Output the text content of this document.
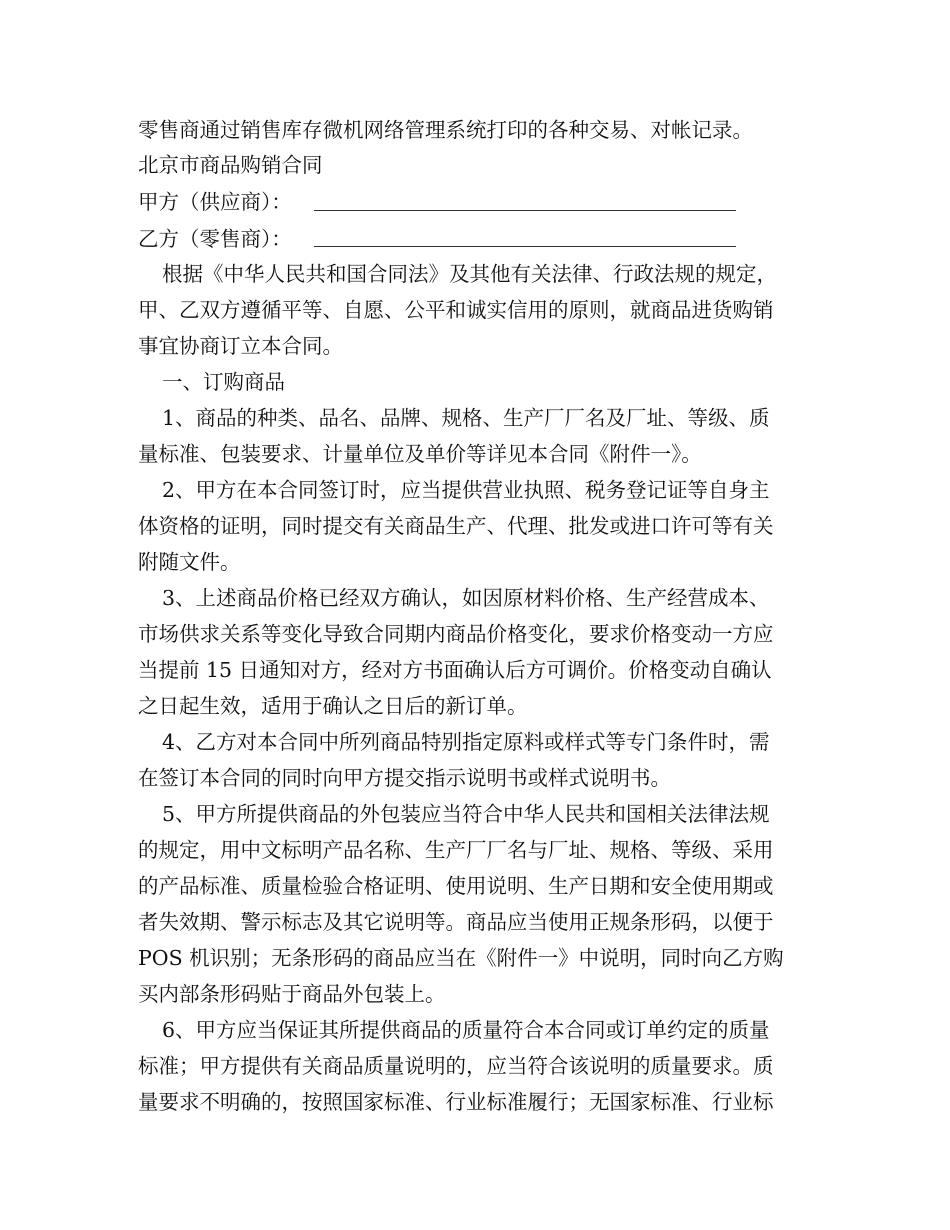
零售商通过销售库存微机网络管理系统打印的各种交易、对帐记录。
北京市商品购销合同
甲方（供应商）：
乙方（零售商）：
根据《中华人民共和国合同法》及其他有关法律、行政法规的规定，
甲、乙双方遵循平等、自愿、公平和诚实信用的原则，就商品进货购销
事宜协商订立本合同。
一、订购商品
1、商品的种类、品名、品牌、规格、生产厂厂名及厂址、等级、质
量标准、包装要求、计量单位及单价等详见本合同《附件一》。
2、甲方在本合同签订时，应当提供营业执照、税务登记证等自身主
体资格的证明，同时提交有关商品生产、代理、批发或进口许可等有关
附随文件。
3、上述商品价格已经双方确认，如因原材料价格、生产经营成本、
市场供求关系等变化导致合同期内商品价格变化，要求价格变动一方应
当提前 15 日通知对方，经对方书面确认后方可调价。价格变动自确认
之日起生效，适用于确认之日后的新订单。
4、乙方对本合同中所列商品特别指定原料或样式等专门条件时，需
在签订本合同的同时向甲方提交指示说明书或样式说明书。
5、甲方所提供商品的外包装应当符合中华人民共和国相关法律法规
的规定，用中文标明产品名称、生产厂厂名与厂址、规格、等级、采用
的产品标准、质量检验合格证明、使用说明、生产日期和安全使用期或
者失效期、警示标志及其它说明等。商品应当使用正规条形码，以便于
POS 机识别；无条形码的商品应当在《附件一》中说明，同时向乙方购
买内部条形码贴于商品外包装上。
6、甲方应当保证其所提供商品的质量符合本合同或订单约定的质量
标准；甲方提供有关商品质量说明的，应当符合该说明的质量要求。质
量要求不明确的，按照国家标准、行业标准履行；无国家标准、行业标
